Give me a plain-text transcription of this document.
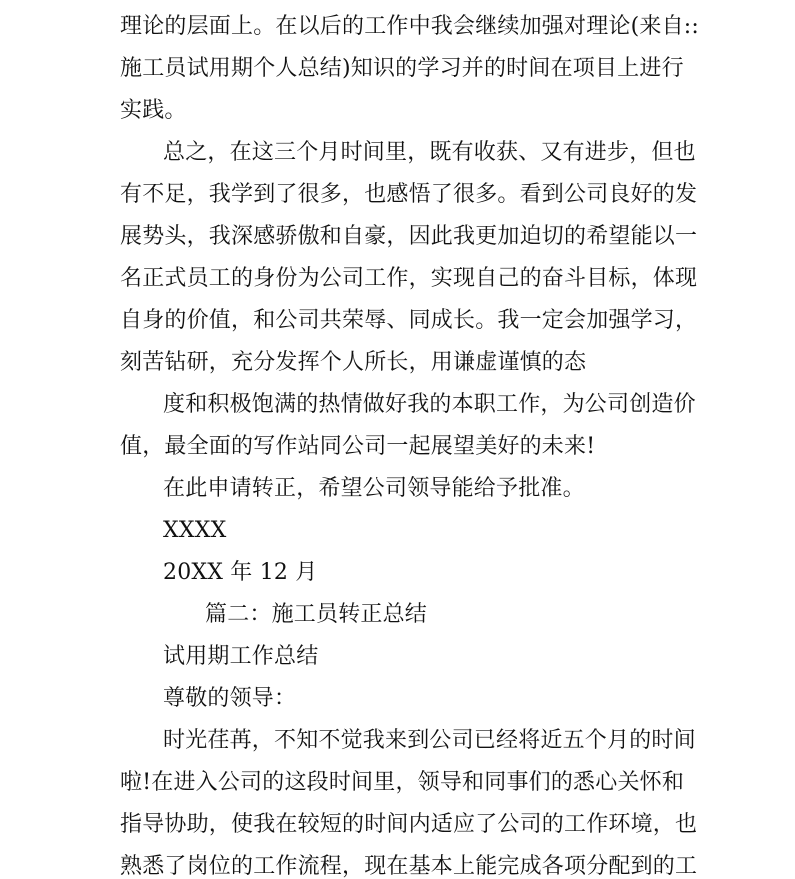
理论的层面上。在以后的工作中我会继续加强对理论(来自::

施工员试用期个人总结)知识的学习并的时间在项目上进行

实践。

总之，在这三个月时间里，既有收获、又有进步，但也

有不足，我学到了很多，也感悟了很多。看到公司良好的发

展势头，我深感骄傲和自豪，因此我更加迫切的希望能以一

名正式员工的身份为公司工作，实现自己的奋斗目标，体现

自身的价值，和公司共荣辱、同成长。我一定会加强学习，

刻苦钻研，充分发挥个人所长，用谦虚谨慎的态

度和积极饱满的热情做好我的本职工作，为公司创造价

值，最全面的写作站同公司一起展望美好的未来!

在此申请转正，希望公司领导能给予批准。

XXXX

20XX 年 12 月

篇二：施工员转正总结

试用期工作总结

尊敬的领导：

时光荏苒，不知不觉我来到公司已经将近五个月的时间

啦!在进入公司的这段时间里，领导和同事们的悉心关怀和

指导协助，使我在较短的时间内适应了公司的工作环境，也

熟悉了岗位的工作流程，现在基本上能完成各项分配到的工
